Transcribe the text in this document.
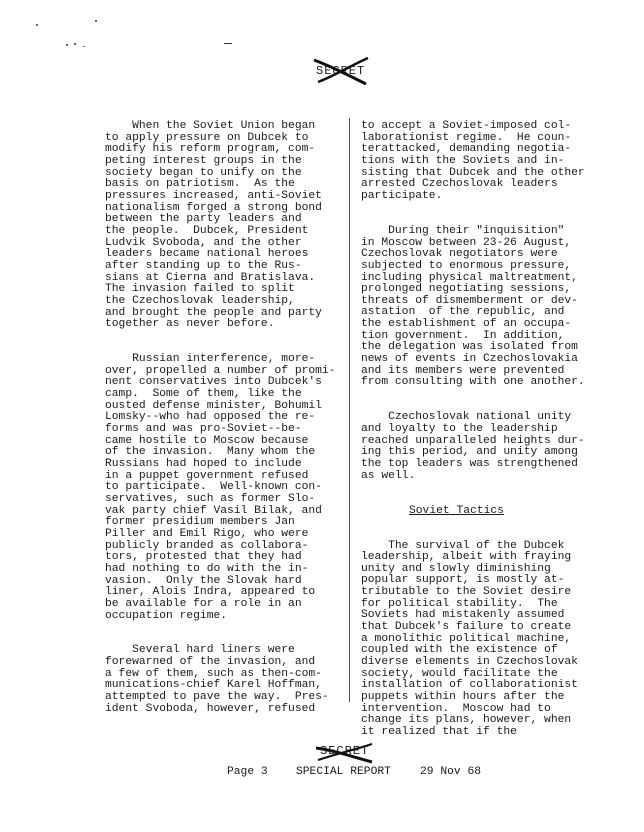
SECRET

When the Soviet Union began
to apply pressure on Dubcek to
modify his reform program, com-
peting interest groups in the
society began to unify on the
basis on patriotism.  As the
pressures increased, anti-Soviet
nationalism forged a strong bond
between the party leaders and
the people.  Dubcek, President
Ludvik Svoboda, and the other
leaders became national heroes
after standing up to the Rus-
sians at Cierna and Bratislava.
The invasion failed to split
the Czechoslovak leadership,
and brought the people and party
together as never before.

Russian interference, more-
over, propelled a number of promi-
nent conservatives into Dubcek's
camp.  Some of them, like the
ousted defense minister, Bohumil
Lomsky--who had opposed the re-
forms and was pro-Soviet--be-
came hostile to Moscow because
of the invasion.  Many whom the
Russians had hoped to include
in a puppet government refused
to participate.  Well-known con-
servatives, such as former Slo-
vak party chief Vasil Bilak, and
former presidium members Jan
Piller and Emil Rigo, who were
publicly branded as collabora-
tors, protested that they had
had nothing to do with the in-
vasion.  Only the Slovak hard
liner, Alois Indra, appeared to
be available for a role in an
occupation regime.

Several hard liners were
forewarned of the invasion, and
a few of them, such as then-com-
munications-chief Karel Hoffman,
attempted to pave the way.  Pres-
ident Svoboda, however, refused

to accept a Soviet-imposed col-
laborationist regime.  He coun-
terattacked, demanding negotia-
tions with the Soviets and in-
sisting that Dubcek and the other
arrested Czechoslovak leaders
participate.

During their "inquisition"
in Moscow between 23-26 August,
Czechoslovak negotiators were
subjected to enormous pressure,
including physical maltreatment,
prolonged negotiating sessions,
threats of dismemberment or dev-
astation  of the republic, and
the establishment of an occupa-
tion government.  In addition,
the delegation was isolated from
news of events in Czechoslovakia
and its members were prevented
from consulting with one another.

Czechoslovak national unity
and loyalty to the leadership
reached unparalleled heights dur-
ing this period, and unity among
the top leaders was strengthened
as well.

Soviet Tactics

The survival of the Dubcek
leadership, albeit with fraying
unity and slowly diminishing
popular support, is mostly at-
tributable to the Soviet desire
for political stability.  The
Soviets had mistakenly assumed
that Dubcek's failure to create
a monolithic political machine,
coupled with the existence of
diverse elements in Czechoslovak
society, would facilitate the
installation of collaborationist
puppets within hours after the
intervention.  Moscow had to
change its plans, however, when
it realized that if the

SECRET

Page 3

	SPECIAL REPORT

	29 Nov 68
